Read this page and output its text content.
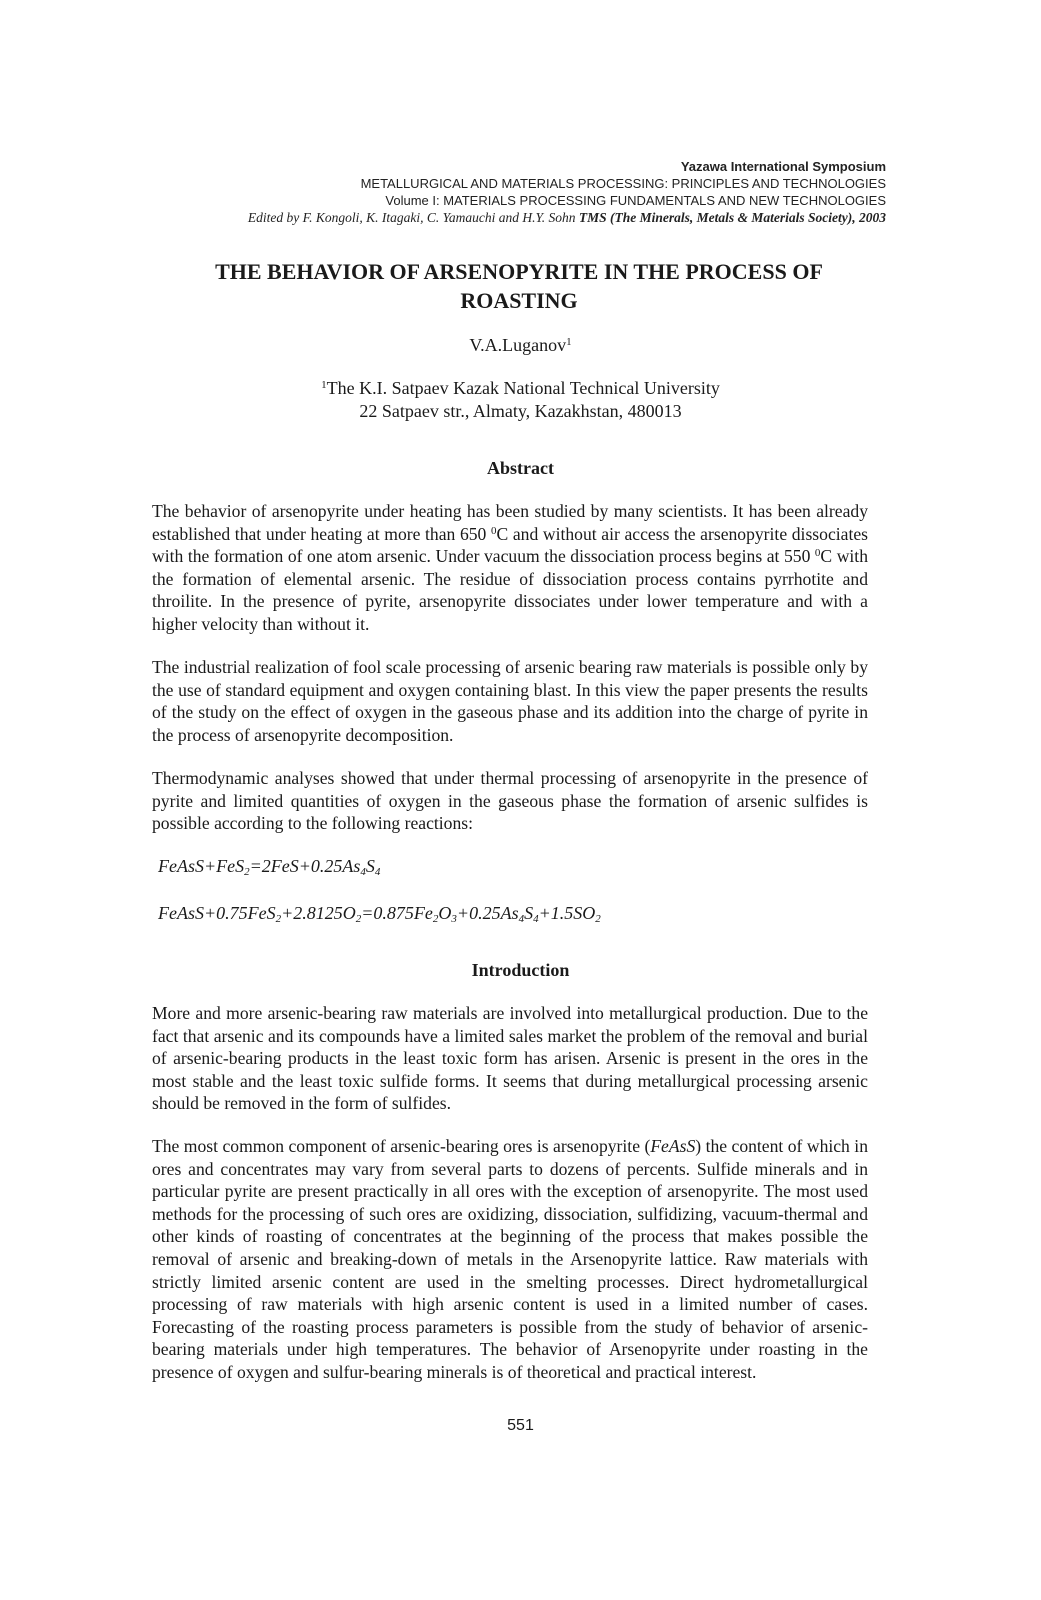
Yazawa International Symposium
METALLURGICAL AND MATERIALS PROCESSING: PRINCIPLES AND TECHNOLOGIES
Volume I: MATERIALS PROCESSING FUNDAMENTALS AND NEW TECHNOLOGIES
Edited by F. Kongoli, K. Itagaki, C. Yamauchi and H.Y. Sohn TMS (The Minerals, Metals & Materials Society), 2003
THE BEHAVIOR OF ARSENOPYRITE IN THE PROCESS OF
ROASTING
V.A.Luganov$^1$
$^1$The K.I. Satpaev Kazak National Technical University
22 Satpaev str., Almaty, Kazakhstan, 480013
Abstract

The behavior of arsenopyrite under heating has been studied by many scientists. It has been already established that under heating at more than 650 $^0$C and without air access the arsenopyrite dissociates with the formation of one atom arsenic. Under vacuum the dissociation process begins at 550 $^0$C with the formation of elemental arsenic. The residue of dissociation process contains pyrrhotite and throilite. In the presence of pyrite, arsenopyrite dissociates under lower temperature and with a higher velocity than without it.

The industrial realization of fool scale processing of arsenic bearing raw materials is possible only by the use of standard equipment and oxygen containing blast. In this view the paper presents the results of the study on the effect of oxygen in the gaseous phase and its addition into the charge of pyrite in the process of arsenopyrite decomposition.

Thermodynamic analyses showed that under thermal processing of arsenopyrite in the presence of pyrite and limited quantities of oxygen in the gaseous phase the formation of arsenic sulfides is possible according to the following reactions:

$FeAsS+FeS_2=2FeS+0.25As_4S_4$
$FeAsS+0.75FeS_2+2.8125O_2=0.875Fe_2O_3+0.25As_4S_4+1.5SO_2$
Introduction

More and more arsenic-bearing raw materials are involved into metallurgical production. Due to the fact that arsenic and its compounds have a limited sales market the problem of the removal and burial of arsenic-bearing products in the least toxic form has arisen. Arsenic is present in the ores in the most stable and the least toxic sulfide forms. It seems that during metallurgical processing arsenic should be removed in the form of sulfides.

The most common component of arsenic-bearing ores is arsenopyrite (FeAsS) the content of which in ores and concentrates may vary from several parts to dozens of percents. Sulfide minerals and in particular pyrite are present practically in all ores with the exception of arsenopyrite. The most used methods for the processing of such ores are oxidizing, dissociation, sulfidizing, vacuum-thermal and other kinds of roasting of concentrates at the beginning of the process that makes possible the removal of arsenic and breaking-down of metals in the Arsenopyrite lattice. Raw materials with strictly limited arsenic content are used in the smelting processes. Direct hydrometallurgical processing of raw materials with high arsenic content is used in a limited number of cases. Forecasting of the roasting process parameters is possible from the study of behavior of arsenic-bearing materials under high temperatures. The behavior of Arsenopyrite under roasting in the presence of oxygen and sulfur-bearing minerals is of theoretical and practical interest.

551
